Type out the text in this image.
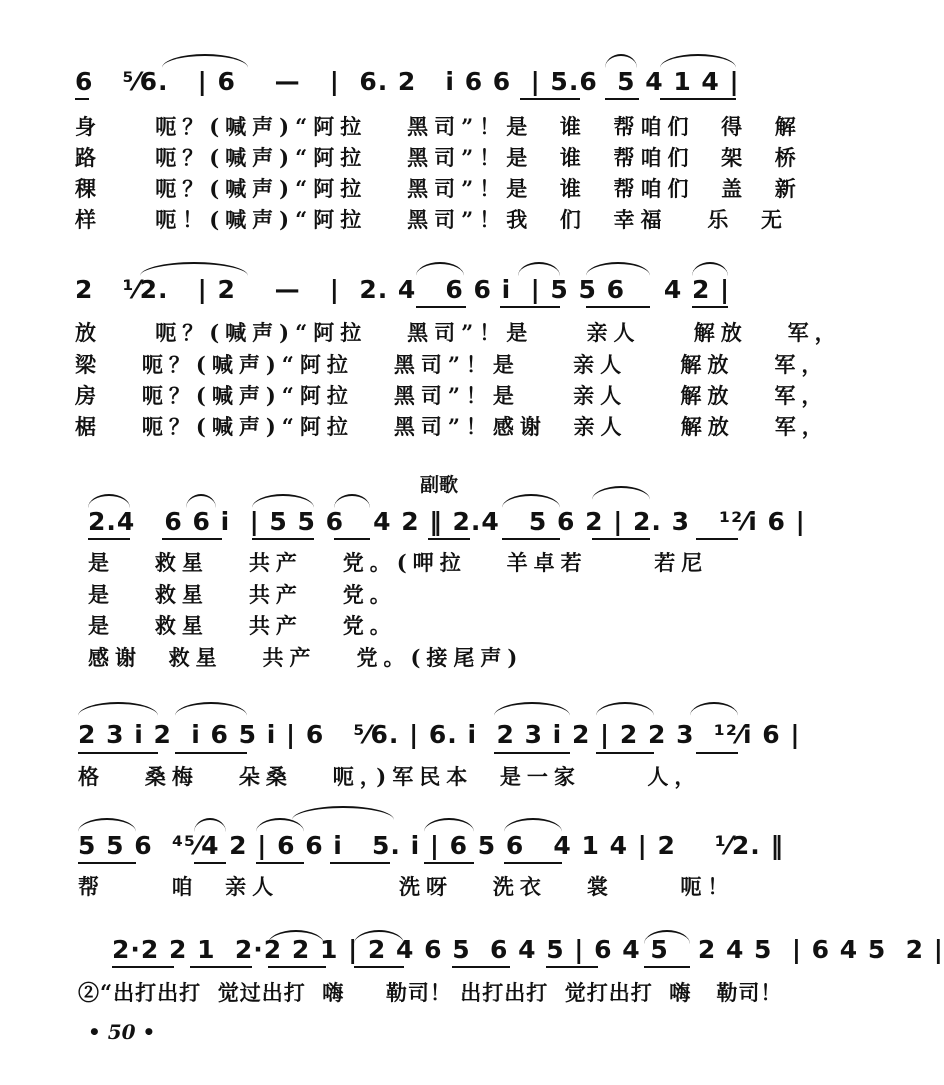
6   ⁵⁄6.   | 6    —   |  6. 2   i 6 6  | 5.6  5 4 1 4 |
身    呃？(喊声)“阿拉   黑司”！是  谁  帮咱们  得  解
路    呃？(喊声)“阿拉   黑司”！是  谁  帮咱们  架  桥
稞    呃？(喊声)“阿拉   黑司”！是  谁  帮咱们  盖  新
样    呃！(喊声)“阿拉   黑司”！我  们  幸福   乐  无
2   ¹⁄2.   | 2    —   |  2. 4   6 6 i  | 5 5 6    4 2 |
放    呃？(喊声)“阿拉   黑司”！是    亲人    解放   军，
梁   呃？(喊声)“阿拉   黑司”！是    亲人    解放   军，
房   呃？(喊声)“阿拉   黑司”！是    亲人    解放   军，
椐   呃？(喊声)“阿拉   黑司”！感谢  亲人    解放   军，
副歌
2.4   6 6 i  | 5 5 6   4 2 ‖ 2.4   5 6 2 | 2. 3   ¹²⁄i 6 |
是   救星   共产   党。(呷拉   羊卓若     若尼
是   救星   共产   党。
是   救星   共产   党。
感谢  救星   共产   党。(接尾声)
2 3 i 2  i 6 5 i | 6   ⁵⁄6. | 6. i  2 3 i 2 | 2 2 3  ¹²⁄i 6 |
格   桑梅   朵桑   呃，)军民本  是一家     人，
5 5 6  ⁴⁵⁄4 2 | 6 6 i   5. i | 6 5 6   4 1 4 | 2    ¹⁄2. ‖
帮     咱  亲人         洗呀   洗衣   裳     呃！
2·2 2 1  2·2 2 1 | 2 4 6 5  6 4 5 | 6 4 5   2 4 5  | 6 4 5  2 |
②“出打出打  觉过出打  嗨     勒司！ 出打出打  觉打出打  嗨   勒司！
• 50 •
